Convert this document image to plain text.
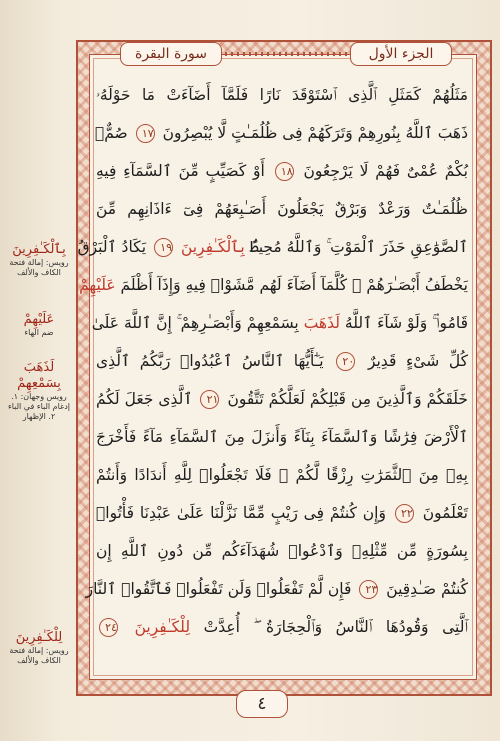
بِٱلْكَـٰفِرِينَ
رويس: إمالة فتحة الكاف والألف
عَلَيْهِمْ
ضم الهاء
لَذَهَبَ بِسَمْعِهِمْ
رويس وجهان: ١. إدغام الباء في الباء ٢. الإظهار
لِلْكَـٰفِرِينَ
رويس: إمالة فتحة الكاف والألف
سورة البقرة	الجزء الأول
مَثَلُهُمْ كَمَثَلِ ٱلَّذِى ٱسْتَوْقَدَ نَارًا فَلَمَّآ أَضَآءَتْ مَا حَوْلَهُۥ
ذَهَبَ ٱللَّهُ بِنُورِهِمْ وَتَرَكَهُمْ فِى ظُلُمَـٰتٍ لَّا يُبْصِرُونَ ١٧ صُمٌّۢ
بُكْمٌ عُمْىٌ فَهُمْ لَا يَرْجِعُونَ ١٨ أَوْ كَصَيِّبٍ مِّنَ ٱلسَّمَآءِ فِيهِ
ظُلُمَـٰتٌ وَرَعْدٌ وَبَرْقٌ يَجْعَلُونَ أَصَـٰبِعَهُمْ فِىٓ ءَاذَانِهِم مِّنَ
ٱلصَّوَٰعِقِ حَذَرَ ٱلْمَوْتِ ۚ وَٱللَّهُ مُحِيطٌۢ بِٱلْكَـٰفِرِينَ ١٩ يَكَادُ ٱلْبَرْقُ
يَخْطَفُ أَبْصَـٰرَهُمْ ۖ كُلَّمَآ أَضَآءَ لَهُم مَّشَوْا۟ فِيهِ وَإِذَآ أَظْلَمَ عَلَيْهِمْ
قَامُوا۟ ۚ وَلَوْ شَآءَ ٱللَّهُ لَذَهَبَ بِسَمْعِهِمْ وَأَبْصَـٰرِهِمْ ۚ إِنَّ ٱللَّهَ عَلَىٰ
كُلِّ شَىْءٍ قَدِيرٌ ٢٠ يَـٰٓأَيُّهَا ٱلنَّاسُ ٱعْبُدُوا۟ رَبَّكُمُ ٱلَّذِى
خَلَقَكُمْ وَٱلَّذِينَ مِن قَبْلِكُمْ لَعَلَّكُمْ تَتَّقُونَ ٢١ ٱلَّذِى جَعَلَ لَكُمُ
ٱلْأَرْضَ فِرَٰشًا وَٱلسَّمَآءَ بِنَآءً وَأَنزَلَ مِنَ ٱلسَّمَآءِ مَآءً فَأَخْرَجَ
بِهِۦ مِنَ ٱلثَّمَرَٰتِ رِزْقًا لَّكُمْ ۖ فَلَا تَجْعَلُوا۟ لِلَّهِ أَندَادًا وَأَنتُمْ
تَعْلَمُونَ ٢٢ وَإِن كُنتُمْ فِى رَيْبٍ مِّمَّا نَزَّلْنَا عَلَىٰ عَبْدِنَا فَأْتُوا۟
بِسُورَةٍ مِّن مِّثْلِهِۦ وَٱدْعُوا۟ شُهَدَآءَكُم مِّن دُونِ ٱللَّهِ إِن
كُنتُمْ صَـٰدِقِينَ ٢٣ فَإِن لَّمْ تَفْعَلُوا۟ وَلَن تَفْعَلُوا۟ فَٱتَّقُوا۟ ٱلنَّارَ
ٱلَّتِى وَقُودُهَا ٱلنَّاسُ وَٱلْحِجَارَةُ ۖ أُعِدَّتْ لِلْكَـٰفِرِينَ ٢٤
٤
